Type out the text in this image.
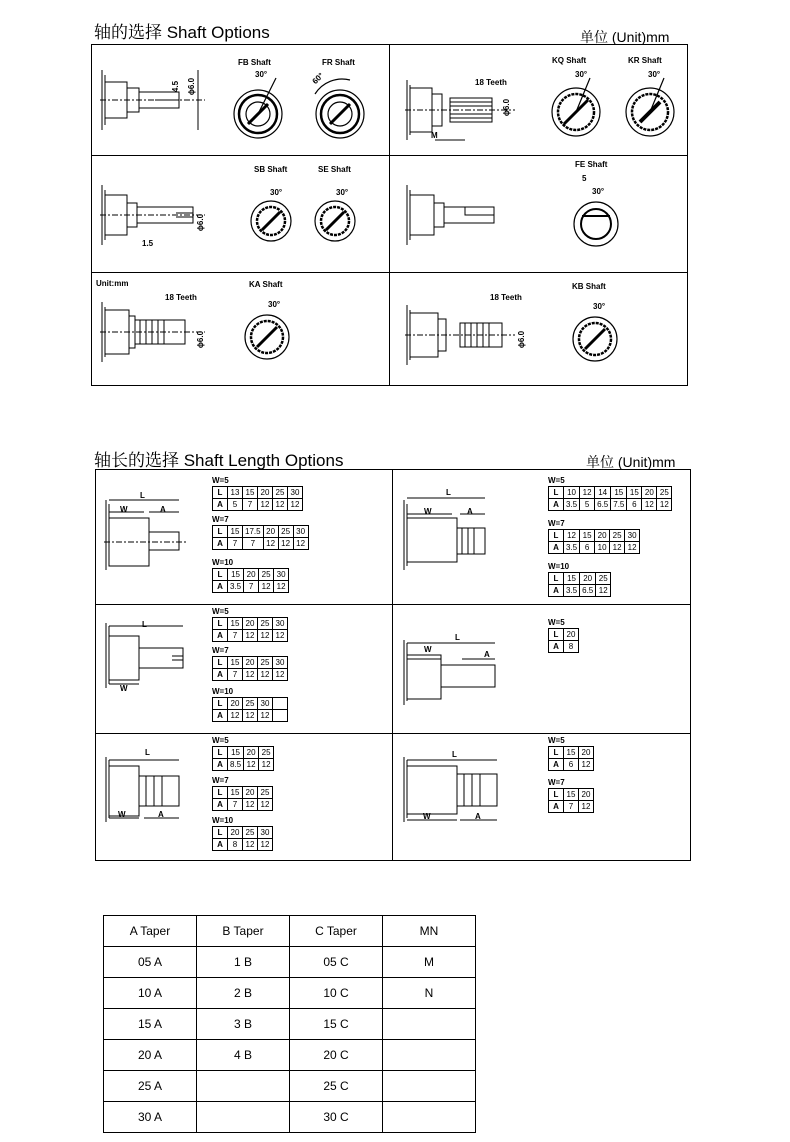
轴的选择 Shaft Options	单位 (Unit)mm
4.5 ϕ6.0
FB Shaft
30°
FR Shaft
60°	18 Teeth
M
ϕ6.0
KQ Shaft
30°
KR Shaft
30°
1.5
ϕ6.0
SB Shaft
30°
SE Shaft
30°
FE Shaft
5
30°
Unit:mm
18 Teeth
ϕ6.0
KA Shaft
30°
18 Teeth
ϕ6.0
KB Shaft
30°
轴长的选择 Shaft Length Options	单位 (Unit)mm
L
W	A
L
W	A
L
W
L
W
A
L
W	A
L
W	A
W=5
L	13	15	20	25	30
A	5	7	12	12	12
W=7
L	15	17.5	20	25	30
A	7	7	12	12	12
W=10
L	15	20	25	30
A	3.5	7	12	12
W=5
L	10	12	14	15	15	20	25
A	3.5	5	6.5	7.5	6	12	12
W=7
L	12	15	20	25	30
A	3.5	6	10	12	12
W=10
L	15	20	25
A	3.5	6.5	12
W=5
L	15	20	25	30
A	7	12	12	12
W=7
L	15	20	25	30
A	7	12	12	12
W=10
L	20	25	30	
A	12	12	12	
W=5
L	20
A	8
W=5
L	15	20	25
A	8.5	12	12
W=7
L	15	20	25
A	7	12	12
W=10
L	20	25	30
A	8	12	12
W=5
L	15	20
A	6	12
W=7
L	15	20
A	7	12
A Taper	B Taper	C Taper	MN
05 A	1 B	05 C	M
10 A	2 B	10 C	N
15 A	3 B	15 C	
20 A	4 B	20 C	
25 A		25 C	
30 A		30 C	
